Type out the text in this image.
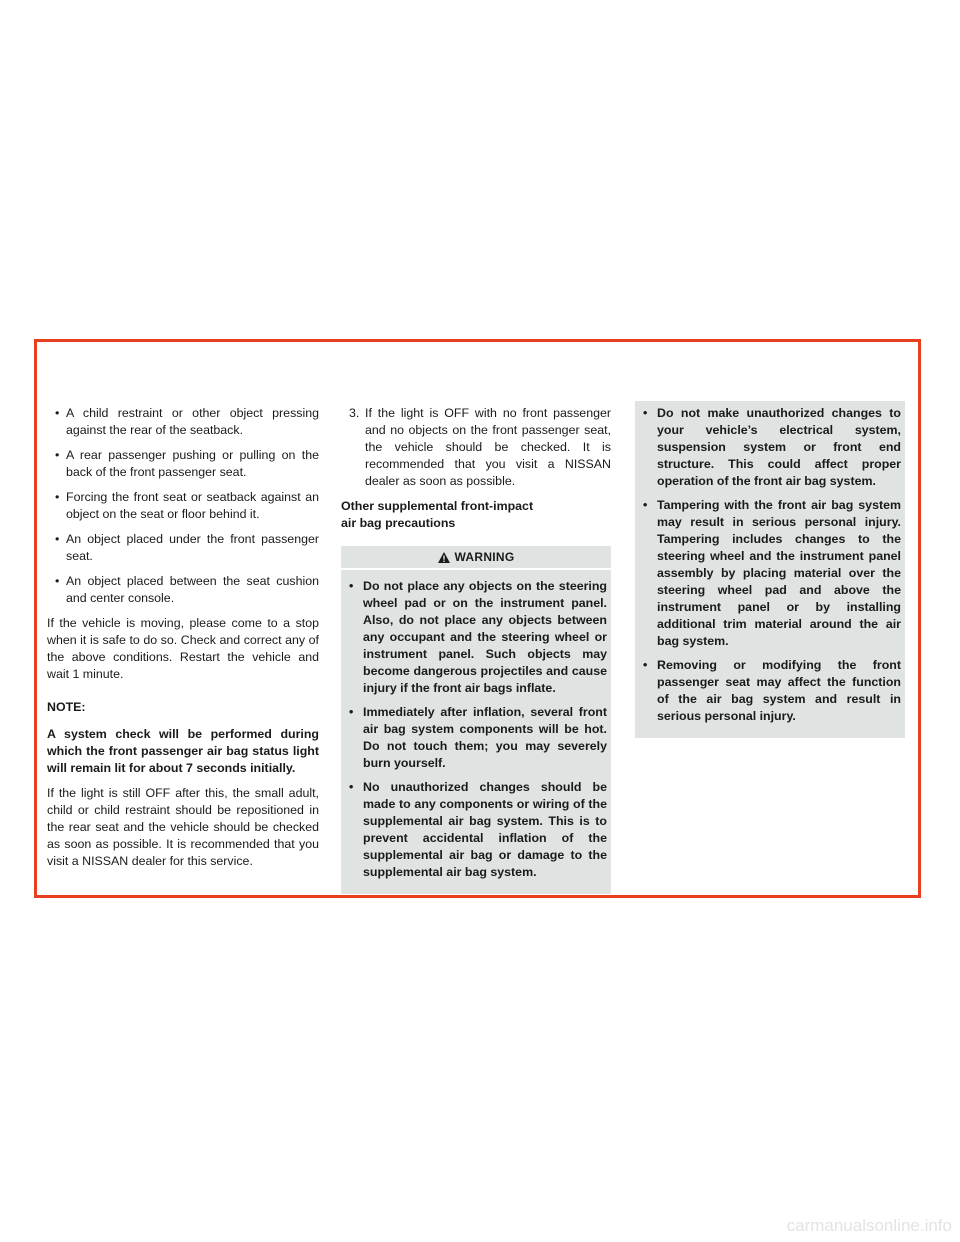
• A child restraint or other object pressing against the rear of the seatback.
• A rear passenger pushing or pulling on the back of the front passenger seat.
• Forcing the front seat or seatback against an object on the seat or floor behind it.
• An object placed under the front passenger seat.
• An object placed between the seat cushion and center console.

If the vehicle is moving, please come to a stop when it is safe to do so. Check and correct any of the above conditions. Restart the vehicle and wait 1 minute.

NOTE:

A system check will be performed during which the front passenger air bag status light will remain lit for about 7 seconds initially.

If the light is still OFF after this, the small adult, child or child restraint should be repositioned in the rear seat and the vehicle should be checked as soon as possible. It is recommended that you visit a NISSAN dealer for this service.

3. If the light is OFF with no front passenger and no objects on the front passenger seat, the vehicle should be checked. It is recommended that you visit a NISSAN dealer as soon as possible.

Other supplemental front-impact
air bag precautions

WARNING
• Do not place any objects on the steering wheel pad or on the instrument panel. Also, do not place any objects between any occupant and the steering wheel or instrument panel. Such objects may become dangerous projectiles and cause injury if the front air bags inflate.
• Immediately after inflation, several front air bag system components will be hot. Do not touch them; you may severely burn yourself.
• No unauthorized changes should be made to any components or wiring of the supplemental air bag system. This is to prevent accidental inflation of the supplemental air bag or damage to the supplemental air bag system.
• Do not make unauthorized changes to your vehicle’s electrical system, suspension system or front end structure. This could affect proper operation of the front air bag system.
• Tampering with the front air bag system may result in serious personal injury. Tampering includes changes to the steering wheel and the instrument panel assembly by placing material over the steering wheel pad and above the instrument panel or by installing additional trim material around the air bag system.
• Removing or modifying the front passenger seat may affect the function of the air bag system and result in serious personal injury.
carmanualsonline.info
